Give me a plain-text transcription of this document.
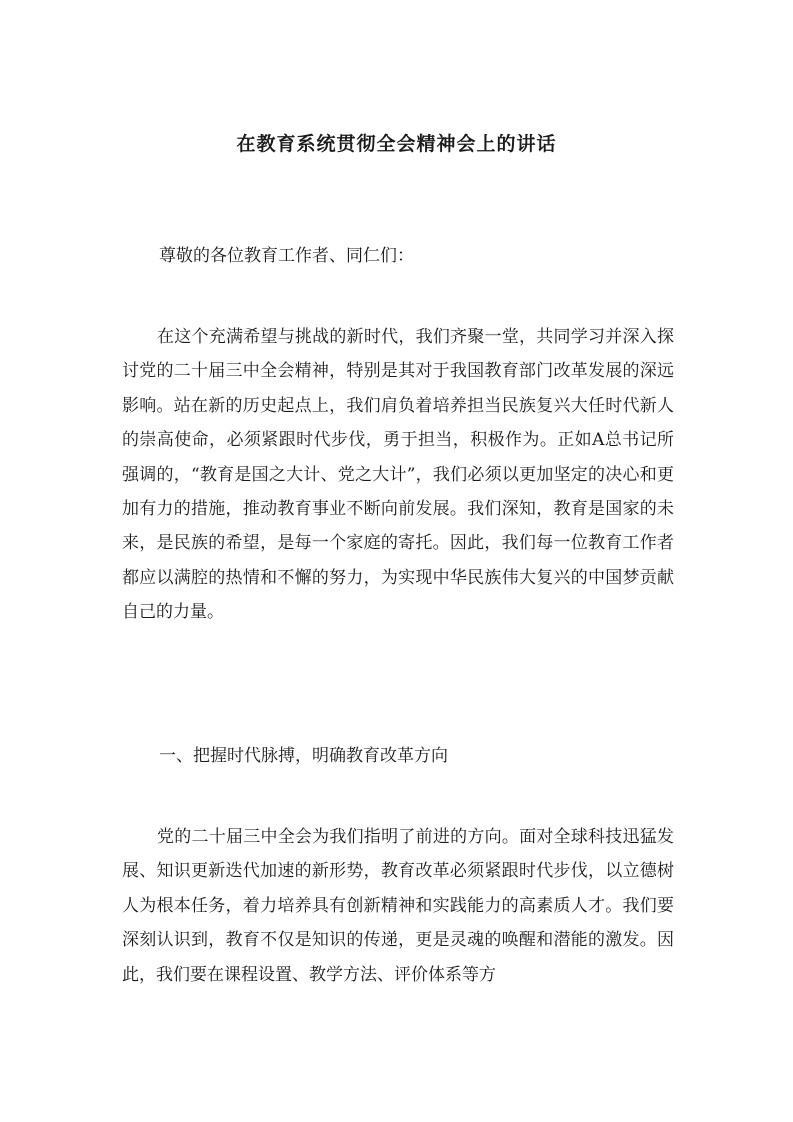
在教育系统贯彻全会精神会上的讲话
尊敬的各位教育工作者、同仁们：

在这个充满希望与挑战的新时代，我们齐聚一堂，共同学习并深入探讨党的二十届三中全会精神，特别是其对于我国教育部门改革发展的深远影响。站在新的历史起点上，我们肩负着培养担当民族复兴大任时代新人的崇高使命，必须紧跟时代步伐，勇于担当，积极作为。正如A总书记所强调的，“教育是国之大计、党之大计”，我们必须以更加坚定的决心和更加有力的措施，推动教育事业不断向前发展。我们深知，教育是国家的未来，是民族的希望，是每一个家庭的寄托。因此，我们每一位教育工作者都应以满腔的热情和不懈的努力，为实现中华民族伟大复兴的中国梦贡献自己的力量。

一、把握时代脉搏，明确教育改革方向

党的二十届三中全会为我们指明了前进的方向。面对全球科技迅猛发展、知识更新迭代加速的新形势，教育改革必须紧跟时代步伐，以立德树人为根本任务，着力培养具有创新精神和实践能力的高素质人才。我们要深刻认识到，教育不仅是知识的传递，更是灵魂的唤醒和潜能的激发。因此，我们要在课程设置、教学方法、评价体系等方
